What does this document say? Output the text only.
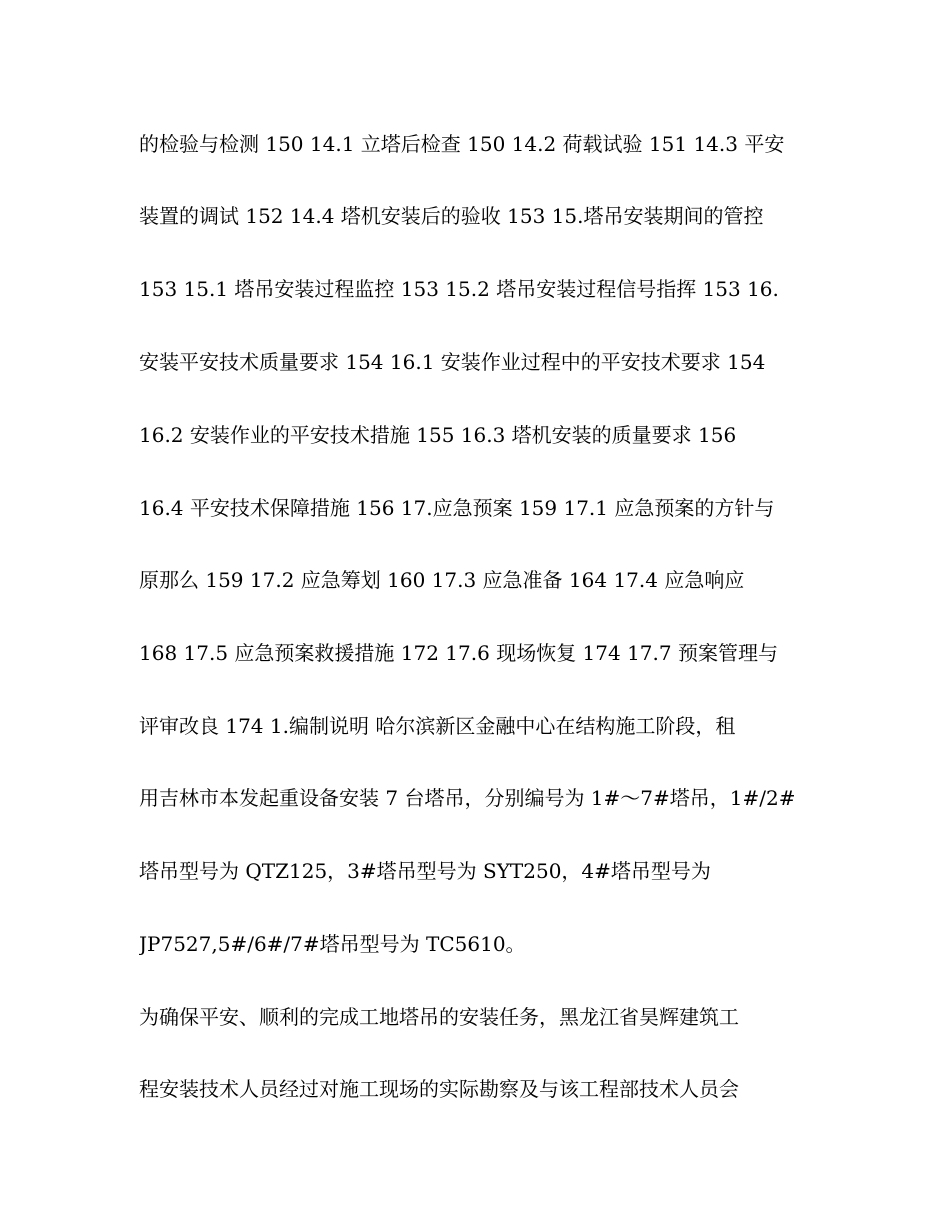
的检验与检测 150 14.1 立塔后检查 150 14.2 荷载试验 151 14.3 平安
装置的调试 152 14.4 塔机安装后的验收 153 15.塔吊安装期间的管控
153 15.1 塔吊安装过程监控 153 15.2 塔吊安装过程信号指挥 153 16.
安装平安技术质量要求 154 16.1 安装作业过程中的平安技术要求 154
16.2 安装作业的平安技术措施 155 16.3 塔机安装的质量要求 156
16.4 平安技术保障措施 156 17.应急预案 159 17.1 应急预案的方针与
原那么 159 17.2 应急筹划 160 17.3 应急准备 164 17.4 应急响应
168 17.5 应急预案救援措施 172 17.6 现场恢复 174 17.7 预案管理与
评审改良 174 1.编制说明 哈尔滨新区金融中心在结构施工阶段，租
用吉林市本发起重设备安装 7 台塔吊，分别编号为 1#～7#塔吊，1#/2#
塔吊型号为 QTZ125，3#塔吊型号为 SYT250，4#塔吊型号为
JP7527,5#/6#/7#塔吊型号为 TC5610。
为确保平安、顺利的完成工地塔吊的安装任务，黑龙江省昊辉建筑工
程安装技术人员经过对施工现场的实际勘察及与该工程部技术人员会
